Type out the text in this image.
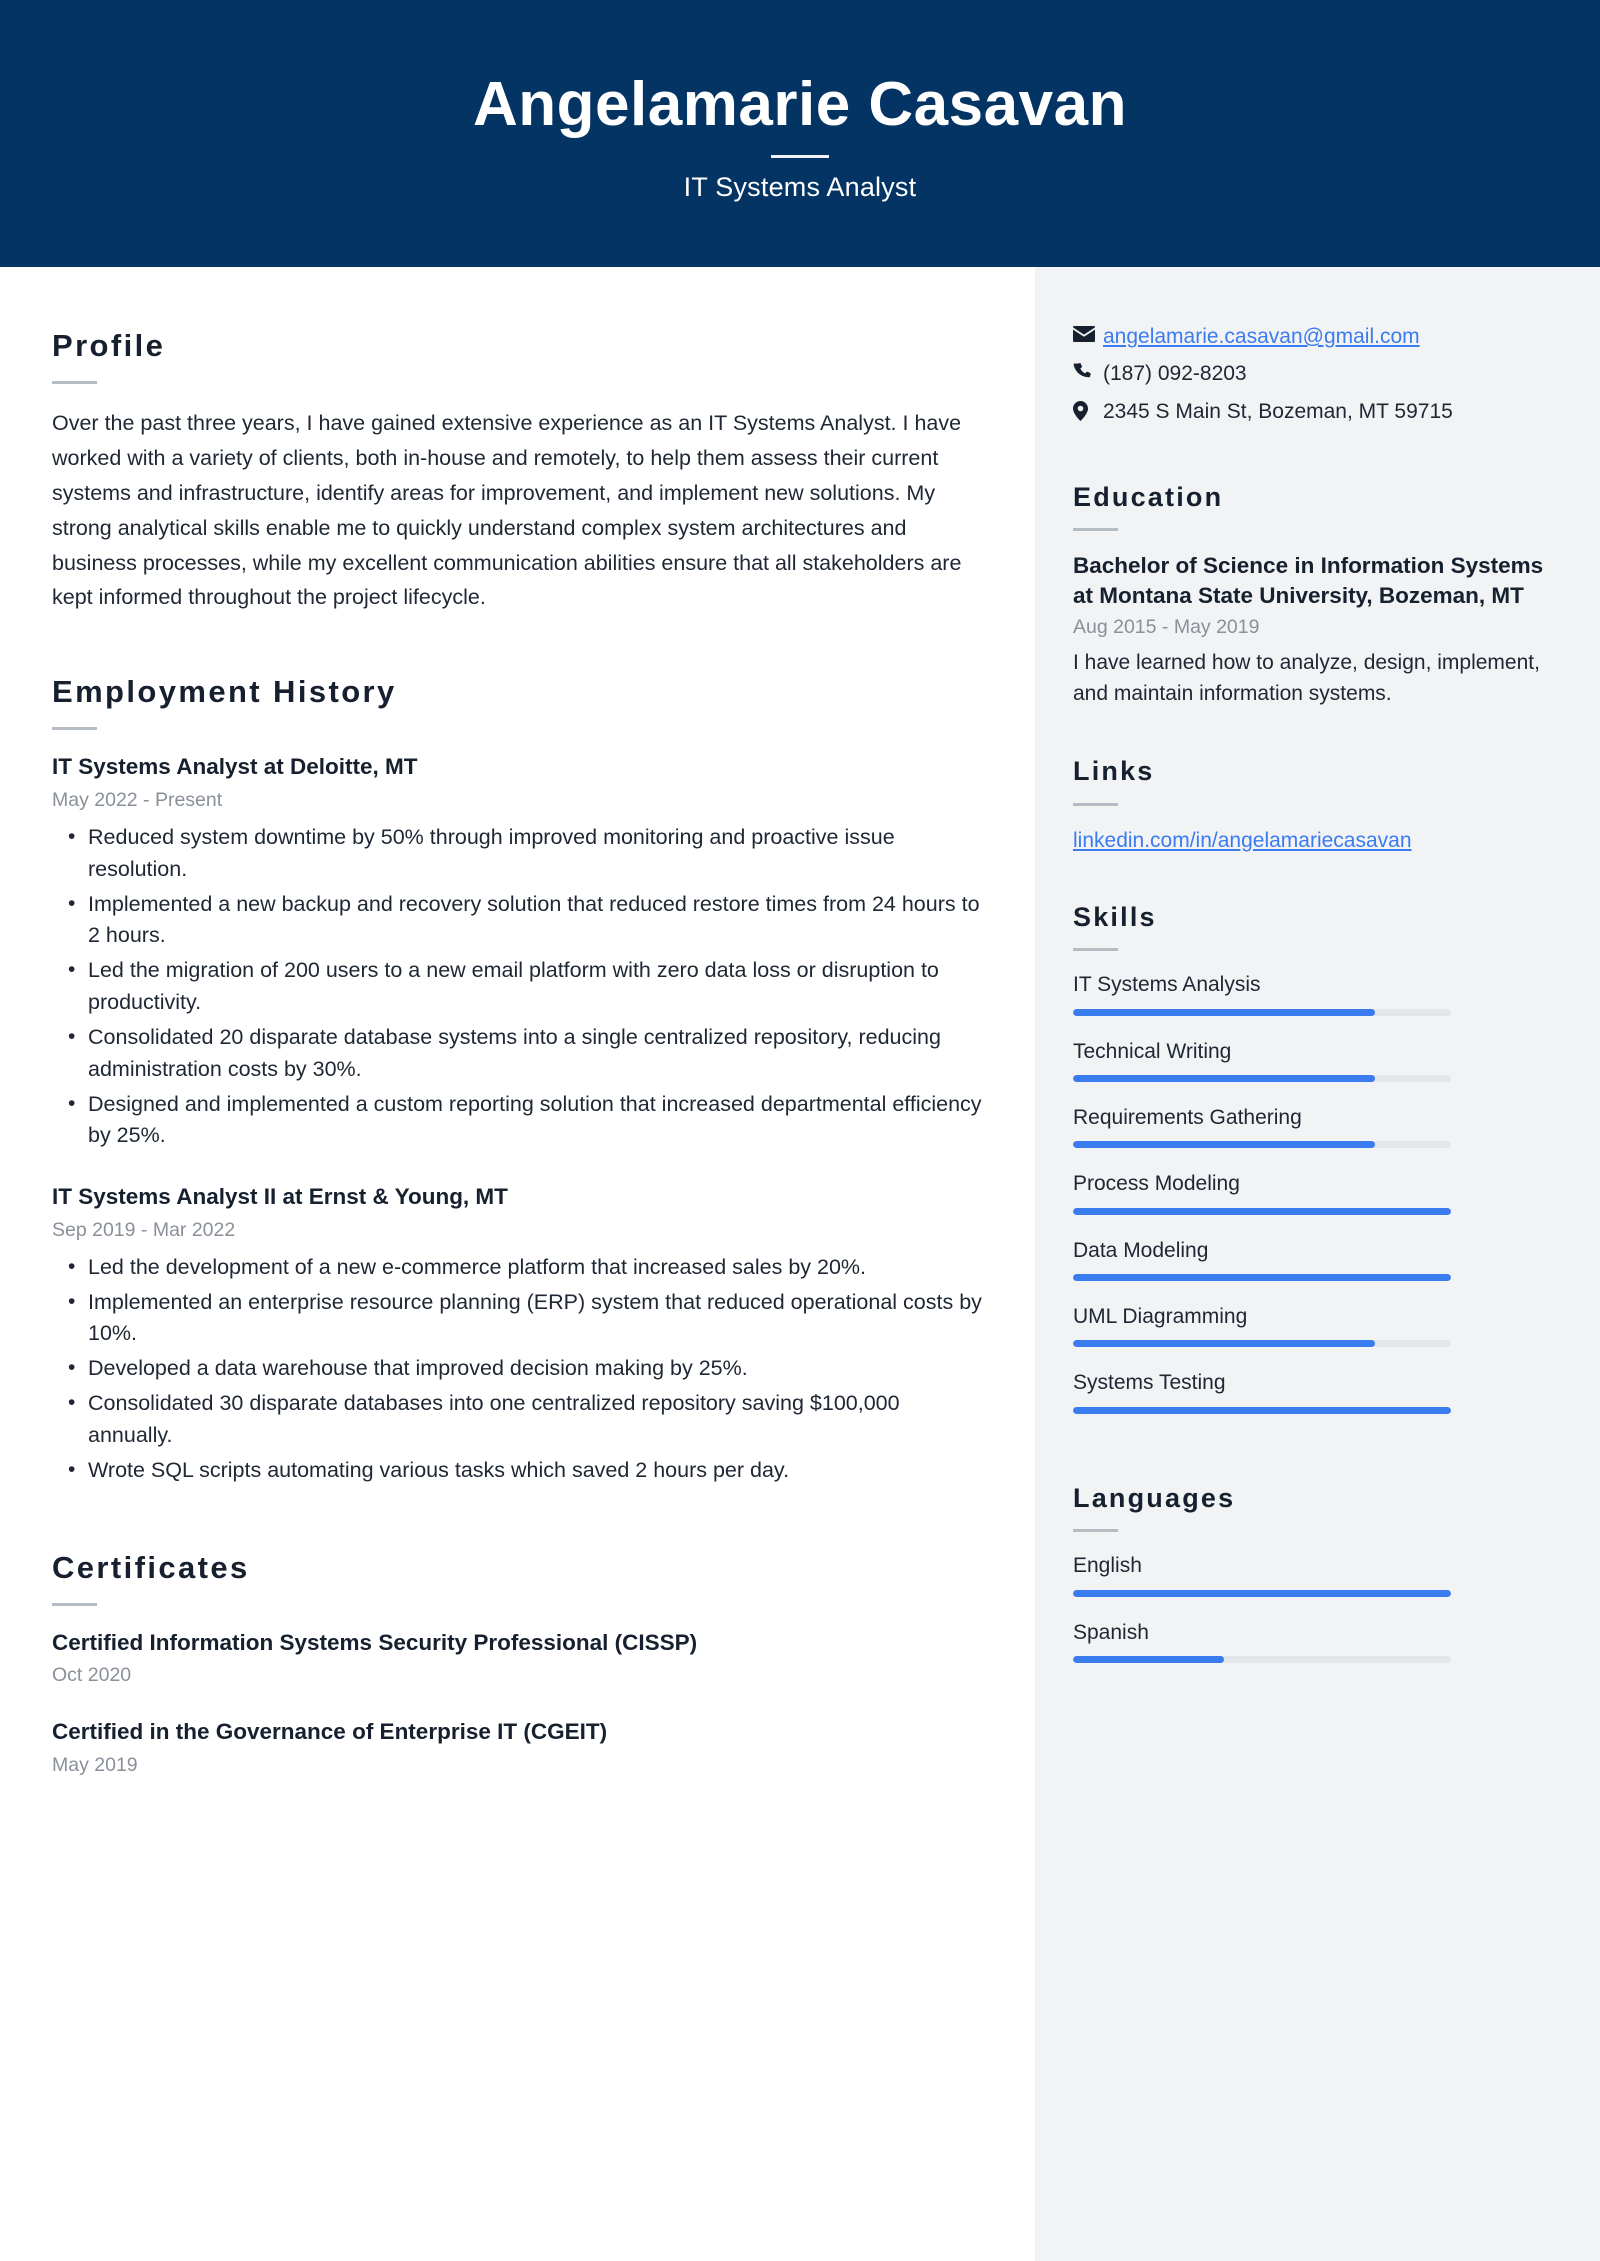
Angelamarie Casavan
IT Systems Analyst
Profile
Over the past three years, I have gained extensive experience as an IT Systems Analyst. I have worked with a variety of clients, both in-house and remotely, to help them assess their current systems and infrastructure, identify areas for improvement, and implement new solutions. My strong analytical skills enable me to quickly understand complex system architectures and business processes, while my excellent communication abilities ensure that all stakeholders are kept informed throughout the project lifecycle.
Employment History
IT Systems Analyst at Deloitte, MT
May 2022 - Present
• Reduced system downtime by 50% through improved monitoring and proactive issue resolution.
• Implemented a new backup and recovery solution that reduced restore times from 24 hours to 2 hours.
• Led the migration of 200 users to a new email platform with zero data loss or disruption to productivity.
• Consolidated 20 disparate database systems into a single centralized repository, reducing administration costs by 30%.
• Designed and implemented a custom reporting solution that increased departmental efficiency by 25%.
IT Systems Analyst II at Ernst & Young, MT
Sep 2019 - Mar 2022
• Led the development of a new e-commerce platform that increased sales by 20%.
• Implemented an enterprise resource planning (ERP) system that reduced operational costs by 10%.
• Developed a data warehouse that improved decision making by 25%.
• Consolidated 30 disparate databases into one centralized repository saving $100,000 annually.
• Wrote SQL scripts automating various tasks which saved 2 hours per day.
Certificates
Certified Information Systems Security Professional (CISSP)
Oct 2020
Certified in the Governance of Enterprise IT (CGEIT)
May 2019
angelamarie.casavan@gmail.com
(187) 092-8203
2345 S Main St, Bozeman, MT 59715
Education
Bachelor of Science in Information Systems at Montana State University, Bozeman, MT
Aug 2015 - May 2019
I have learned how to analyze, design, implement, and maintain information systems.
Links
linkedin.com/in/angelamariecasavan
Skills
IT Systems Analysis
Technical Writing
Requirements Gathering
Process Modeling
Data Modeling
UML Diagramming
Systems Testing
Languages
English
Spanish
